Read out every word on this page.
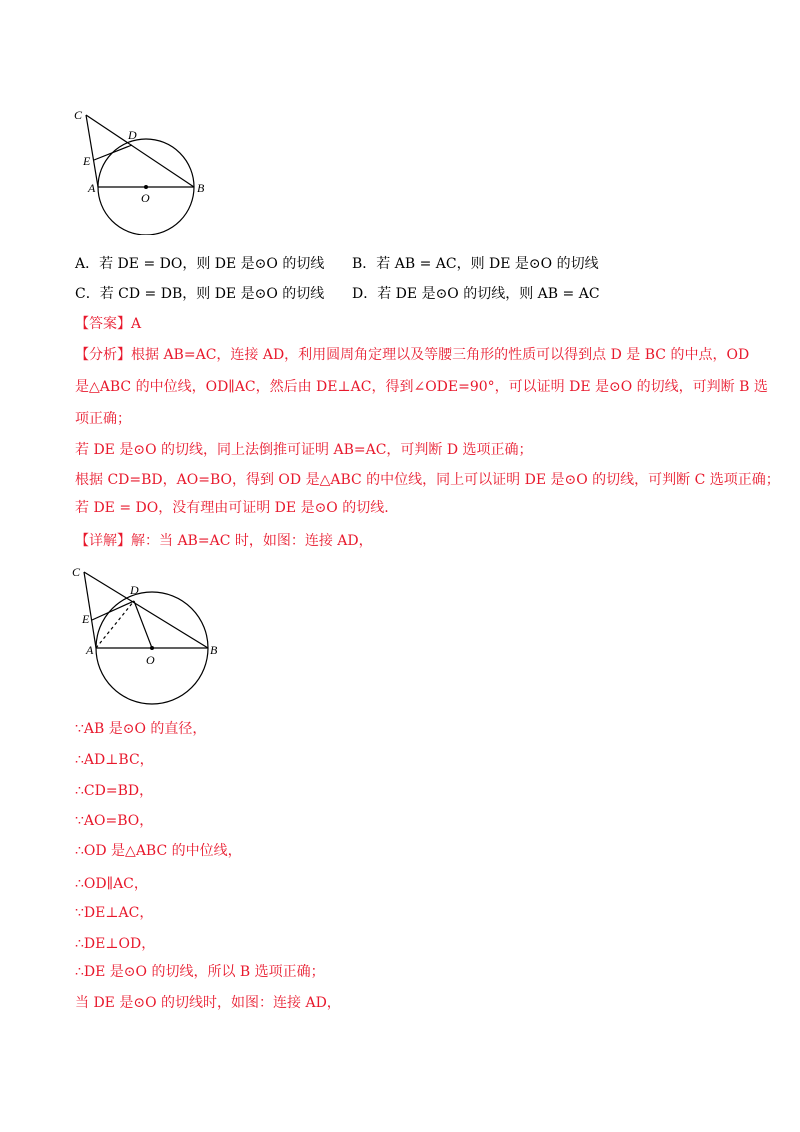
C
D
E
A
O
B
A．若 DE = DO，则 DE 是⊙O 的切线 B．若 AB = AC，则 DE 是⊙O 的切线
C．若 CD = DB，则 DE 是⊙O 的切线 D．若 DE 是⊙O 的切线，则 AB = AC
【答案】A
【分析】根据 AB=AC，连接 AD，利用圆周角定理以及等腰三角形的性质可以得到点 D 是 BC 的中点，OD
是△ABC 的中位线，OD∥AC，然后由 DE⊥AC，得到∠ODE=90°，可以证明 DE 是⊙O 的切线，可判断 B 选
项正确；
若 DE 是⊙O 的切线，同上法倒推可证明 AB=AC，可判断 D 选项正确；
根据 CD=BD，AO=BO，得到 OD 是△ABC 的中位线，同上可以证明 DE 是⊙O 的切线，可判断 C 选项正确；
若 DE = DO，没有理由可证明 DE 是⊙O 的切线.
【详解】解：当 AB=AC 时，如图：连接 AD，
C
D
E
A
O
B
∵AB 是⊙O 的直径，
∴AD⊥BC，
∴CD=BD，
∵AO=BO，
∴OD 是△ABC 的中位线，
∴OD∥AC，
∵DE⊥AC，
∴DE⊥OD，
∴DE 是⊙O 的切线，所以 B 选项正确；
当 DE 是⊙O 的切线时，如图：连接 AD，
